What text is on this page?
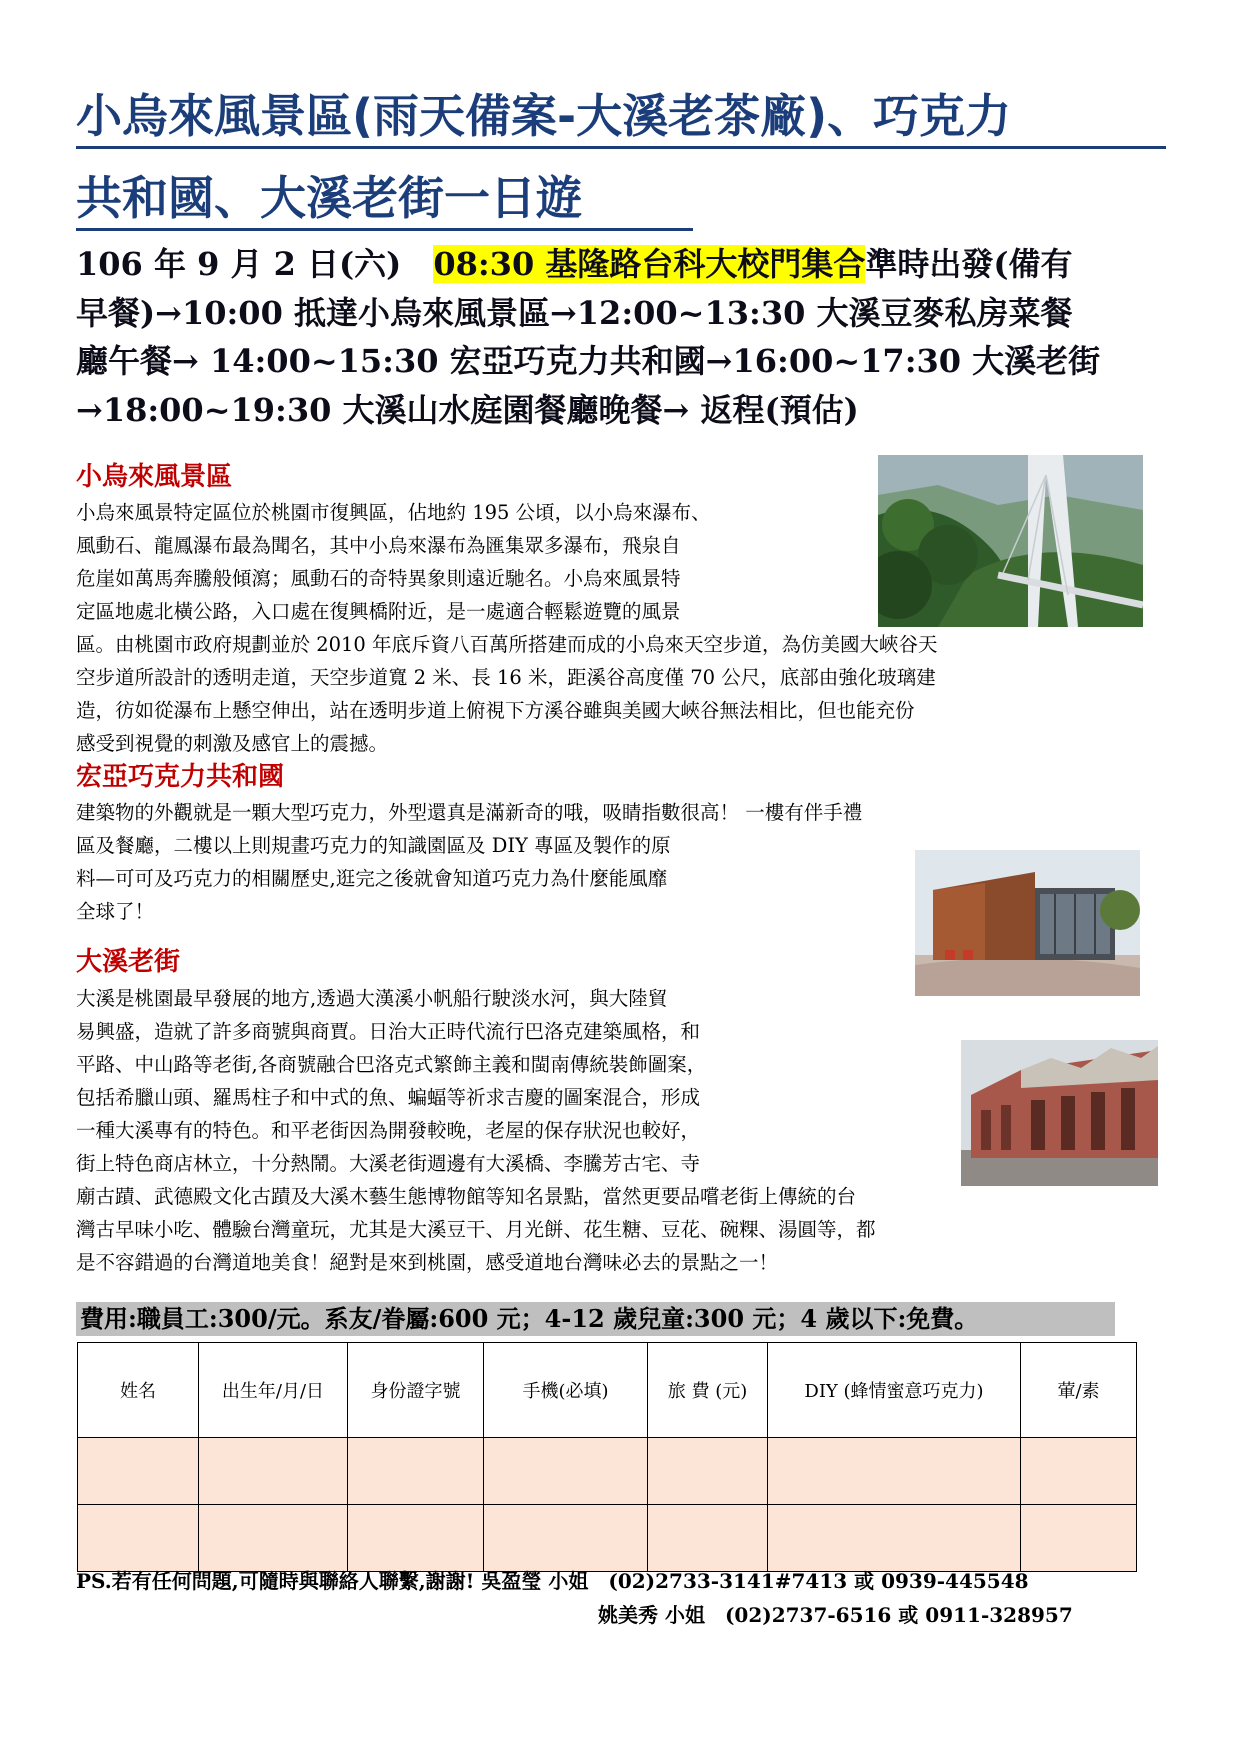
小烏來風景區(雨天備案-大溪老茶廠)、巧克力
共和國、大溪老街一日遊
106 年 9 月 2 日(六)　08:30 基隆路台科大校門集合準時出發(備有
早餐)→10:00 抵達小烏來風景區→12:00~13:30 大溪豆麥私房菜餐
廳午餐→ 14:00~15:30 宏亞巧克力共和國→16:00~17:30 大溪老街
→18:00~19:30 大溪山水庭園餐廳晚餐→ 返程(預估)
小烏來風景區
小烏來風景特定區位於桃園市復興區，佔地約 195 公頃，以小烏來瀑布、
風動石、龍鳳瀑布最為聞名，其中小烏來瀑布為匯集眾多瀑布，飛泉自
危崖如萬馬奔騰般傾瀉；風動石的奇特異象則遠近馳名。小烏來風景特
定區地處北橫公路，入口處在復興橋附近，是一處適合輕鬆遊覽的風景
區。由桃園市政府規劃並於 2010 年底斥資八百萬所搭建而成的小烏來天空步道，為仿美國大峽谷天
空步道所設計的透明走道，天空步道寬 2 米、長 16 米，距溪谷高度僅 70 公尺，底部由強化玻璃建
造，彷如從瀑布上懸空伸出，站在透明步道上俯視下方溪谷雖與美國大峽谷無法相比，但也能充份
感受到視覺的刺激及感官上的震撼。
宏亞巧克力共和國
建築物的外觀就是一顆大型巧克力，外型還真是滿新奇的哦，吸睛指數很高！ 一樓有伴手禮
區及餐廳，二樓以上則規畫巧克力的知識園區及 DIY 專區及製作的原
料—可可及巧克力的相關歷史,逛完之後就會知道巧克力為什麼能風靡
全球了！
大溪老街
大溪是桃園最早發展的地方,透過大漢溪小帆船行駛淡水河，與大陸貿
易興盛，造就了許多商號與商賈。日治大正時代流行巴洛克建築風格，和
平路、中山路等老街,各商號融合巴洛克式繁飾主義和閩南傳統裝飾圖案，
包括希臘山頭、羅馬柱子和中式的魚、蝙蝠等祈求吉慶的圖案混合，形成
一種大溪專有的特色。和平老街因為開發較晚，老屋的保存狀況也較好，
街上特色商店林立，十分熱鬧。大溪老街週邊有大溪橋、李騰芳古宅、寺
廟古蹟、武德殿文化古蹟及大溪木藝生態博物館等知名景點，當然更要品嚐老街上傳統的台
灣古早味小吃、體驗台灣童玩，尤其是大溪豆干、月光餅、花生糖、豆花、碗粿、湯圓等，都
是不容錯過的台灣道地美食！絕對是來到桃園，感受道地台灣味必去的景點之一！
費用:職員工:300/元。系友/眷屬:600 元；4-12 歲兒童:300 元；4 歲以下:免費。
姓名	出生年/月/日	身份證字號	手機(必填)	旅 費 (元)	DIY (蜂情蜜意巧克力)	葷/素

PS.若有任何問題,可隨時與聯絡人聯繫,謝謝! 吳盈瑩 小姐　(02)2733-3141#7413 或 0939-445548
姚美秀 小姐　(02)2737-6516 或 0911-328957
